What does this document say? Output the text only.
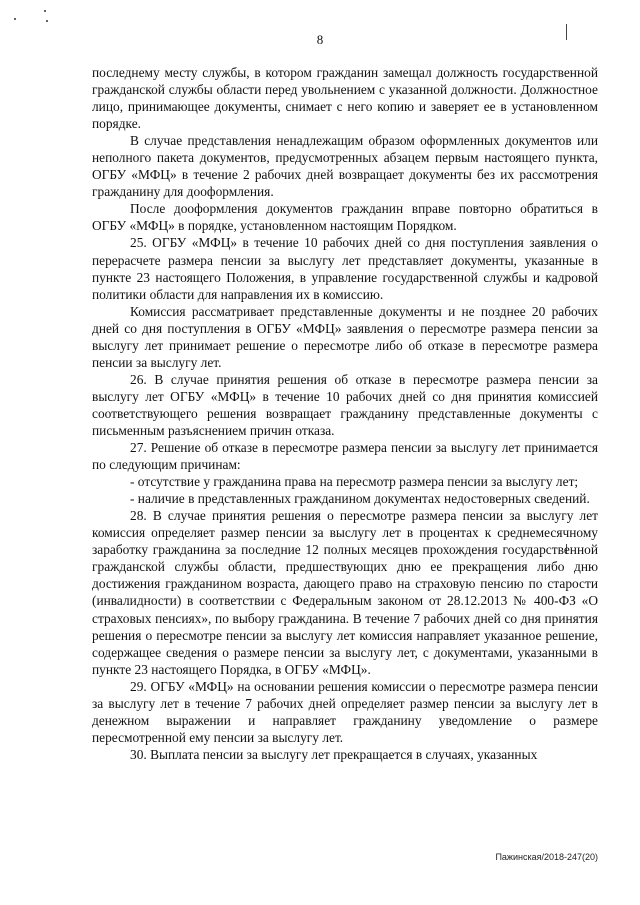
8

последнему месту службы, в котором гражданин замещал должность государственной гражданской службы области перед увольнением с указанной должности. Должностное лицо, принимающее документы, снимает с него копию и заверяет ее в установленном порядке.

В случае представления ненадлежащим образом оформленных документов или неполного пакета документов, предусмотренных абзацем первым настоящего пункта, ОГБУ «МФЦ» в течение 2 рабочих дней возвращает документы без их рассмотрения гражданину для дооформления.

После дооформления документов гражданин вправе повторно обратиться в ОГБУ «МФЦ» в порядке, установленном настоящим Порядком.

25. ОГБУ «МФЦ» в течение 10 рабочих дней со дня поступления заявления о перерасчете размера пенсии за выслугу лет представляет документы, указанные в пункте 23 настоящего Положения, в управление государственной службы и кадровой политики области для направления их в комиссию.

Комиссия рассматривает представленные документы и не позднее 20 рабочих дней со дня поступления в ОГБУ «МФЦ» заявления о пересмотре размера пенсии за выслугу лет принимает решение о пересмотре либо об отказе в пересмотре размера пенсии за выслугу лет.

26. В случае принятия решения об отказе в пересмотре размера пенсии за выслугу лет ОГБУ «МФЦ» в течение 10 рабочих дней со дня принятия комиссией соответствующего решения возвращает гражданину представленные документы с письменным разъяснением причин отказа.

27. Решение об отказе в пересмотре размера пенсии за выслугу лет принимается по следующим причинам:

- отсутствие у гражданина права на пересмотр размера пенсии за выслугу лет;

- наличие в представленных гражданином документах недостоверных сведений.

28. В случае принятия решения о пересмотре размера пенсии за выслугу лет комиссия определяет размер пенсии за выслугу лет в процентах к среднемесячному заработку гражданина за последние 12 полных месяцев прохождения государственной гражданской службы области, предшествующих дню ее прекращения либо дню достижения гражданином возраста, дающего право на страховую пенсию по старости (инвалидности) в соответствии с Федеральным законом от 28.12.2013 № 400-ФЗ «О страховых пенсиях», по выбору гражданина. В течение 7 рабочих дней со дня принятия решения о пересмотре пенсии за выслугу лет комиссия направляет указанное решение, содержащее сведения о размере пенсии за выслугу лет, с документами, указанными в пункте 23 настоящего Порядка, в ОГБУ «МФЦ».

29. ОГБУ «МФЦ» на основании решения комиссии о пересмотре размера пенсии за выслугу лет в течение 7 рабочих дней определяет размер пенсии за выслугу лет в денежном выражении и направляет гражданину уведомление о размере пересмотренной ему пенсии за выслугу лет.

30. Выплата пенсии за выслугу лет прекращается в случаях, указанных

Пажинская/2018-247(20)
